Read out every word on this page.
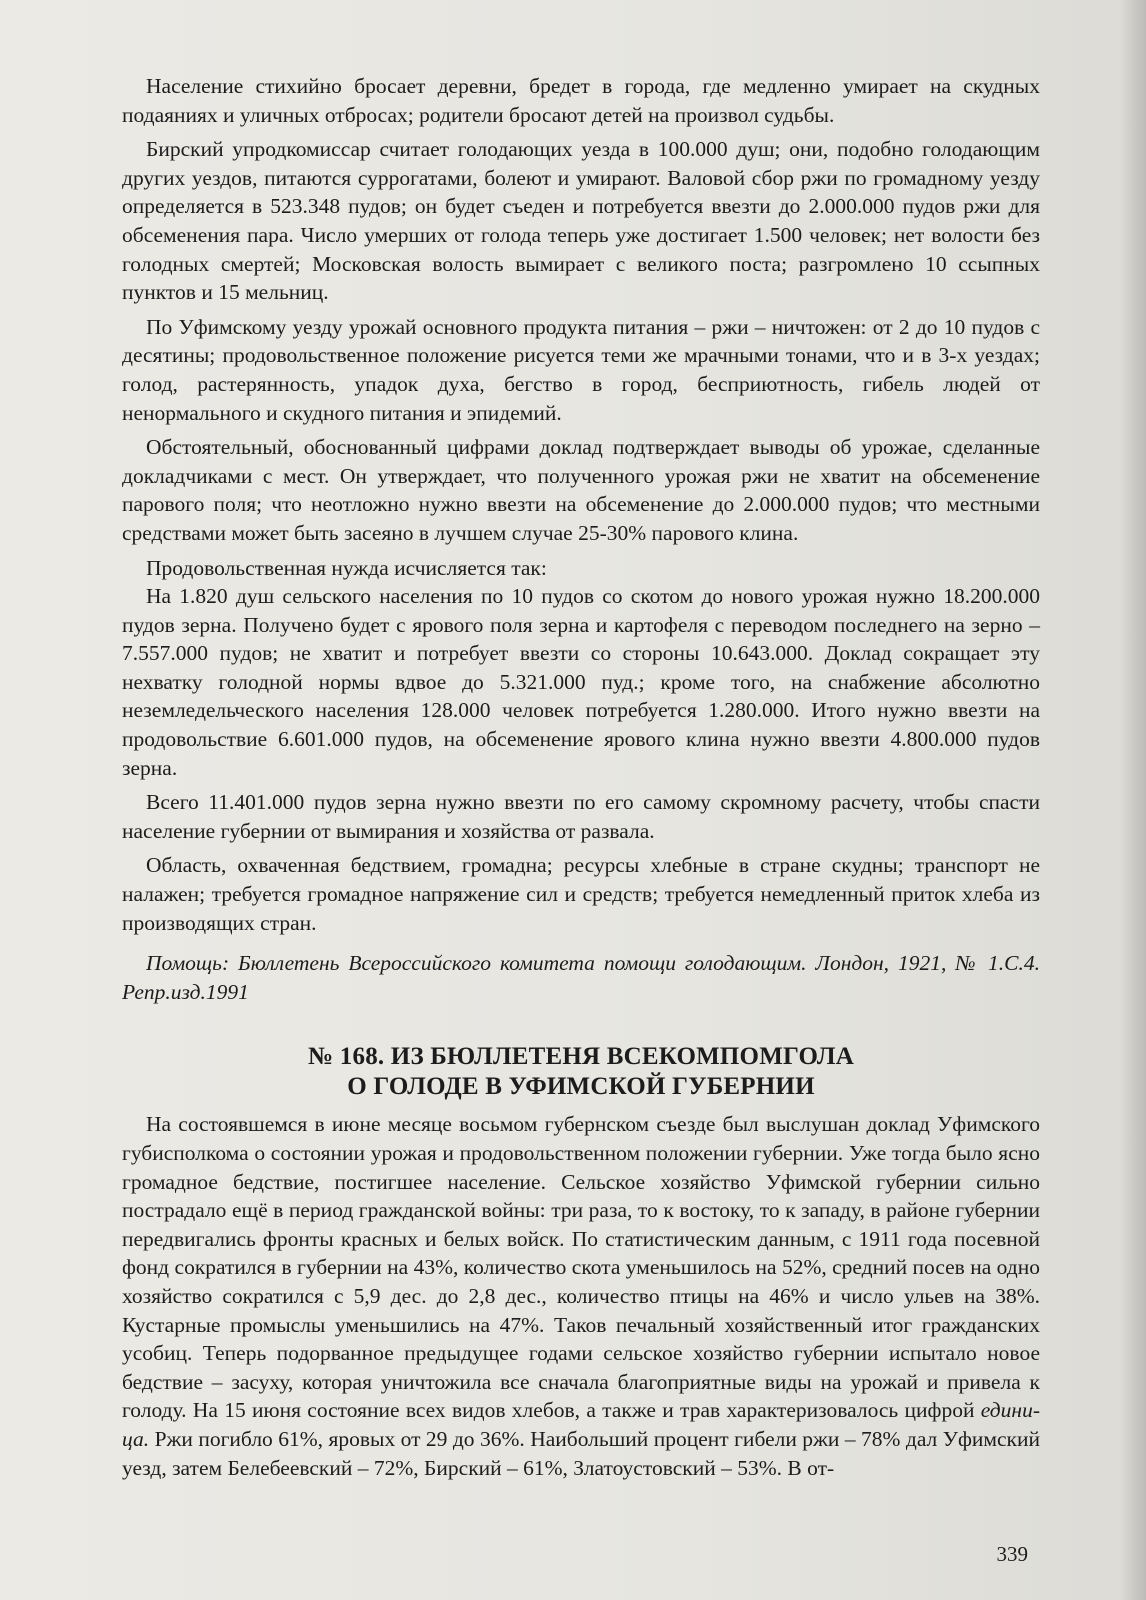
Население стихийно бросает деревни, бредет в города, где медленно умирает на скудных подаяниях и уличных отбросах; родители бросают детей на произвол судьбы.

Бирский упродкомиссар считает голодающих уезда в 100.000 душ; они, подобно голодающим других уездов, питаются суррогатами, болеют и умирают. Валовой сбор ржи по громадному уезду определяется в 523.348 пудов; он будет съеден и потребуется ввезти до 2.000.000 пудов ржи для обсеменения пара. Число умерших от голода теперь уже достигает 1.500 человек; нет волости без голодных смертей; Московская волость вымирает с великого поста; разгромлено 10 ссыпных пунктов и 15 мельниц.

По Уфимскому уезду урожай основного продукта питания – ржи – ничтожен: от 2 до 10 пудов с десятины; продовольственное положение рисуется теми же мрачными тонами, что и в 3-х уездах; голод, растерянность, упадок духа, бегство в город, бесприютность, гибель людей от ненормального и скудного питания и эпидемий.

Обстоятельный, обоснованный цифрами доклад подтверждает выводы об урожае, сделанные докладчиками с мест. Он утверждает, что полученного урожая ржи не хватит на обсеменение парового поля; что неотложно нужно ввезти на обсеменение до 2.000.000 пудов; что местными средствами может быть засеяно в лучшем случае 25-30% парового клина.

Продовольственная нужда исчисляется так:

На 1.820 душ сельского населения по 10 пудов со скотом до нового урожая нужно 18.200.000 пудов зерна. Получено будет с ярового поля зерна и картофеля с переводом последнего на зерно – 7.557.000 пудов; не хватит и потребует ввезти со стороны 10.643.000. Доклад сокращает эту нехватку голодной нормы вдвое до 5.321.000 пуд.; кроме того, на снабжение абсолютно неземледельческого населения 128.000 человек потребуется 1.280.000. Итого нужно ввезти на продовольствие 6.601.000 пудов, на обсеменение ярового клина нужно ввезти 4.800.000 пудов зерна.

Всего 11.401.000 пудов зерна нужно ввезти по его самому скромному расчету, чтобы спасти население губернии от вымирания и хозяйства от развала.

Область, охваченная бедствием, громадна; ресурсы хлебные в стране скудны; транспорт не налажен; требуется громадное напряжение сил и средств; требуется немедленный приток хлеба из производящих стран.

Помощь: Бюллетень Всероссийского комитета помощи голодающим. Лондон, 1921, № 1.С.4. Репр.изд.1991

№ 168. ИЗ БЮЛЛЕТЕНЯ ВСЕКОМПОМГОЛА
О ГОЛОДЕ В УФИМСКОЙ ГУБЕРНИИ

На состоявшемся в июне месяце восьмом губернском съезде был выслушан доклад Уфимского губисполкома о состоянии урожая и продовольственном положении губернии. Уже тогда было ясно громадное бедствие, постигшее население. Сельское хозяйство Уфимской губернии сильно пострадало ещё в период гражданской войны: три раза, то к востоку, то к западу, в районе губернии передвигались фронты красных и белых войск. По статистическим данным, с 1911 года посевной фонд сократился в губернии на 43%, количество скота уменьшилось на 52%, средний посев на одно хозяйство сократился с 5,9 дес. до 2,8 дес., количество птицы на 46% и число ульев на 38%. Кустарные промыслы уменьшились на 47%. Таков печальный хозяйственный итог гражданских усобиц. Теперь подорванное предыдущее годами сельское хозяйство губернии испытало новое бедствие – засуху, которая уничтожила все сначала благоприятные виды на урожай и привела к голоду. На 15 июня состояние всех видов хлебов, а также и трав характеризовалось цифрой единица. Ржи погибло 61%, яровых от 29 до 36%. Наибольший процент гибели ржи – 78% дал Уфимский уезд, затем Белебеевский – 72%, Бирский – 61%, Златоустовский – 53%. В от-

339
